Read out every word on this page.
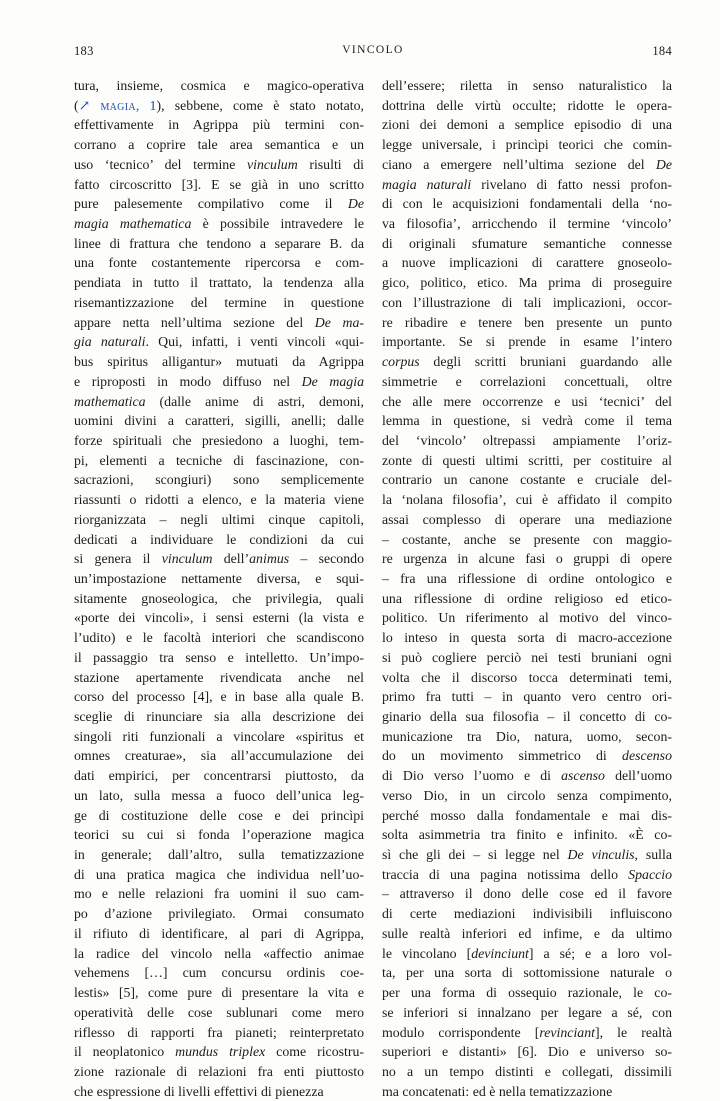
183	VINCOLO	184
tura, insieme, cosmica e magico-operativa
(↗ magia, 1), sebbene, come è stato notato,
effettivamente in Agrippa più termini con-
corrano a coprire tale area semantica e un
uso ‘tecnico’ del termine vinculum risulti di
fatto circoscritto [3]. E se già in uno scritto
pure palesemente compilativo come il De
magia mathematica è possibile intravedere le
linee di frattura che tendono a separare B. da
una fonte costantemente ripercorsa e com-
pendiata in tutto il trattato, la tendenza alla
risemantizzazione del termine in questione
appare netta nell’ultima sezione del De ma-
gia naturali. Qui, infatti, i venti vincoli «qui-
bus spiritus alligantur» mutuati da Agrippa
e riproposti in modo diffuso nel De magia
mathematica (dalle anime di astri, demoni,
uomini divini a caratteri, sigilli, anelli; dalle
forze spirituali che presiedono a luoghi, tem-
pi, elementi a tecniche di fascinazione, con-
sacrazioni, scongiuri) sono semplicemente
riassunti o ridotti a elenco, e la materia viene
riorganizzata – negli ultimi cinque capitoli,
dedicati a individuare le condizioni da cui
si genera il vinculum dell’animus – secondo
un’impostazione nettamente diversa, e squi-
sitamente gnoseologica, che privilegia, quali
«porte dei vincoli», i sensi esterni (la vista e
l’udito) e le facoltà interiori che scandiscono
il passaggio tra senso e intelletto. Un’impo-
stazione apertamente rivendicata anche nel
corso del processo [4], e in base alla quale B.
sceglie di rinunciare sia alla descrizione dei
singoli riti funzionali a vincolare «spiritus et
omnes creaturae», sia all’accumulazione dei
dati empirici, per concentrarsi piuttosto, da
un lato, sulla messa a fuoco dell’unica leg-
ge di costituzione delle cose e dei princìpi
teorici su cui si fonda l’operazione magica
in generale; dall’altro, sulla tematizzazione
di una pratica magica che individua nell’uo-
mo e nelle relazioni fra uomini il suo cam-
po d’azione privilegiato. Ormai consumato
il rifiuto di identificare, al pari di Agrippa,
la radice del vincolo nella «affectio animae
vehemens […] cum concursu ordinis coe-
lestis» [5], come pure di presentare la vita e
operatività delle cose sublunari come mero
riflesso di rapporti fra pianeti; reinterpretato
il neoplatonico mundus triplex come ricostru-
zione razionale di relazioni fra enti piuttosto
che espressione di livelli effettivi di pienezza
dell’essere; riletta in senso naturalistico la
dottrina delle virtù occulte; ridotte le opera-
zioni dei demoni a semplice episodio di una
legge universale, i princìpi teorici che comin-
ciano a emergere nell’ultima sezione del De
magia naturali rivelano di fatto nessi profon-
di con le acquisizioni fondamentali della ‘no-
va filosofia’, arricchendo il termine ‘vincolo’
di originali sfumature semantiche connesse
a nuove implicazioni di carattere gnoseolo-
gico, politico, etico. Ma prima di proseguire
con l’illustrazione di tali implicazioni, occor-
re ribadire e tenere ben presente un punto
importante. Se si prende in esame l’intero
corpus degli scritti bruniani guardando alle
simmetrie e correlazioni concettuali, oltre
che alle mere occorrenze e usi ‘tecnici’ del
lemma in questione, si vedrà come il tema
del ‘vincolo’ oltrepassi ampiamente l’oriz-
zonte di questi ultimi scritti, per costituire al
contrario un canone costante e cruciale del-
la ‘nolana filosofia’, cui è affidato il compito
assai complesso di operare una mediazione
– costante, anche se presente con maggio-
re urgenza in alcune fasi o gruppi di opere
– fra una riflessione di ordine ontologico e
una riflessione di ordine religioso ed etico-
politico. Un riferimento al motivo del vinco-
lo inteso in questa sorta di macro-accezione
si può cogliere perciò nei testi bruniani ogni
volta che il discorso tocca determinati temi,
primo fra tutti – in quanto vero centro ori-
ginario della sua filosofia – il concetto di co-
municazione tra Dio, natura, uomo, secon-
do un movimento simmetrico di descenso
di Dio verso l’uomo e di ascenso dell’uomo
verso Dio, in un circolo senza compimento,
perché mosso dalla fondamentale e mai dis-
solta asimmetria tra finito e infinito. «È co-
sì che gli dei – si legge nel De vinculis, sulla
traccia di una pagina notissima dello Spaccio
– attraverso il dono delle cose ed il favore
di certe mediazioni indivisibili influiscono
sulle realtà inferiori ed infime, e da ultimo
le vincolano [devinciunt] a sé; e a loro vol-
ta, per una sorta di sottomissione naturale o
per una forma di ossequio razionale, le co-
se inferiori si innalzano per legare a sé, con
modulo corrispondente [revinciant], le realtà
superiori e distanti» [6]. Dio e universo so-
no a un tempo distinti e collegati, dissimili
ma concatenati: ed è nella tematizzazione
